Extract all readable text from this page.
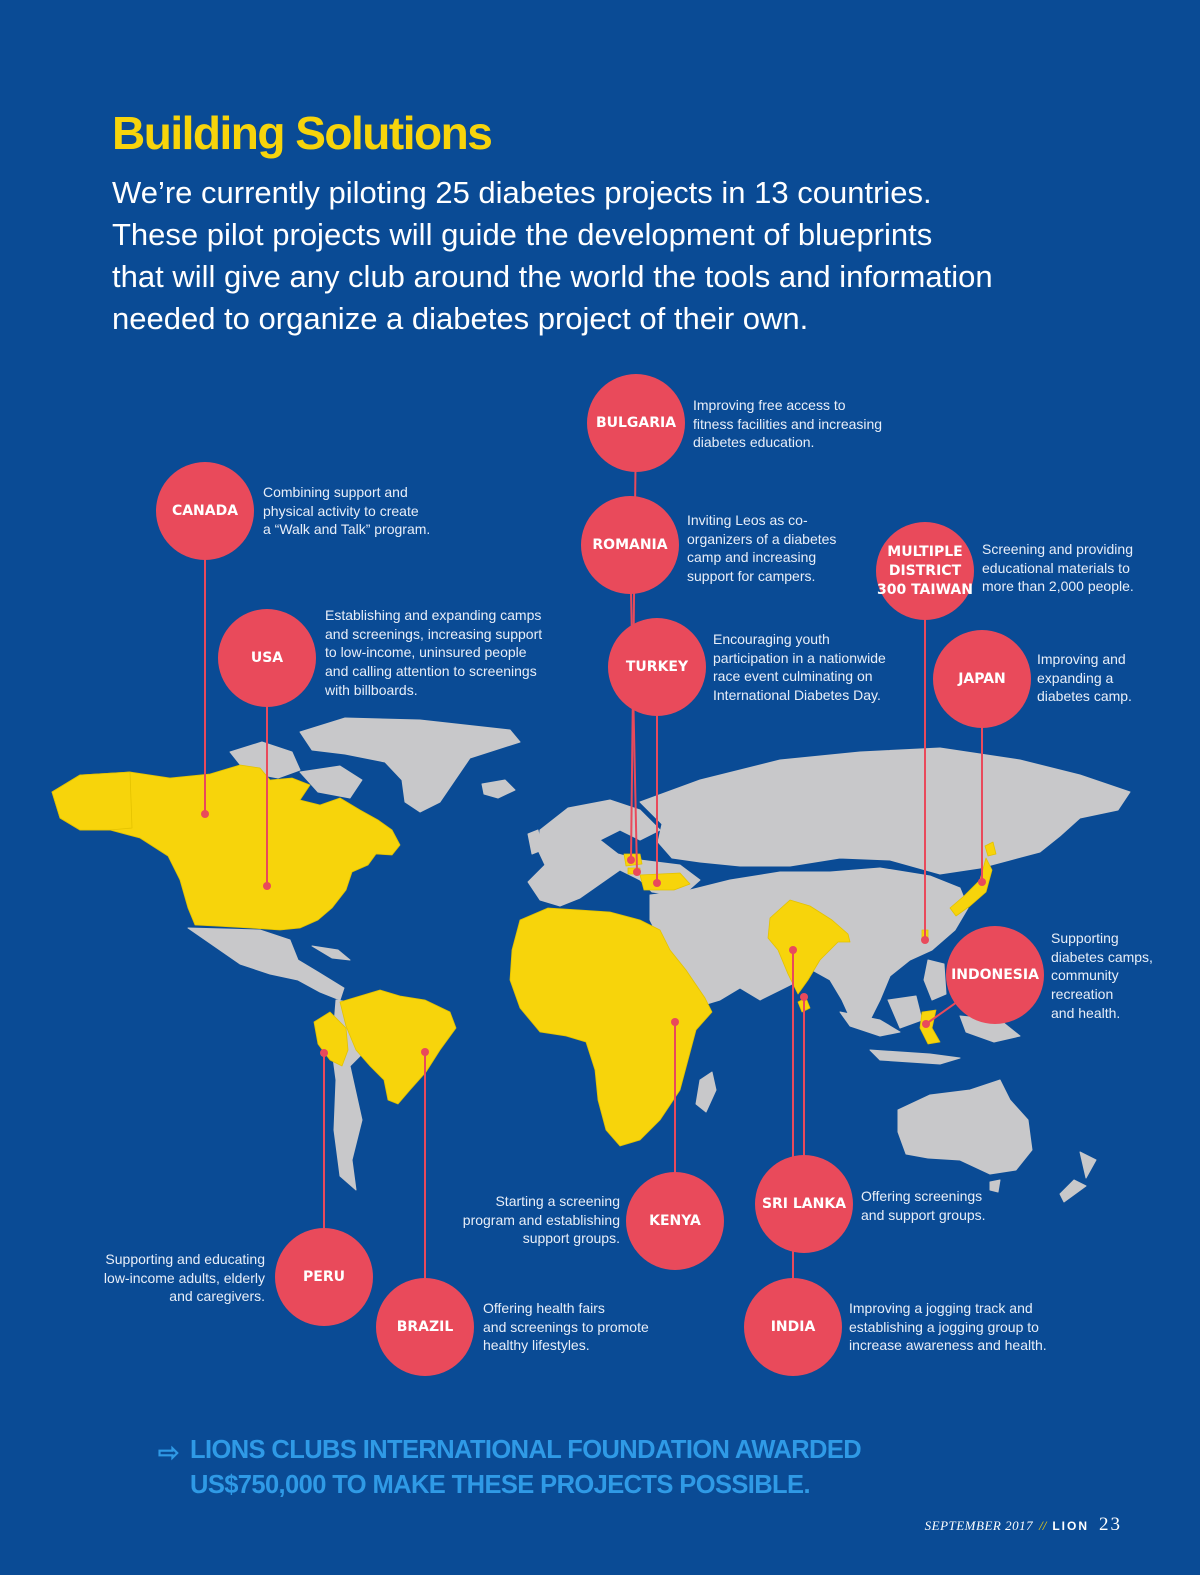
Building Solutions

We’re currently piloting 25 diabetes projects in 13 countries.
These pilot projects will guide the development of blueprints
that will give any club around the world the tools and information
needed to organize a diabetes project of their own.

CANADA
Combining support and
physical activity to create
a “Walk and Talk” program.
USA
Establishing and expanding camps
and screenings, increasing support
to low-income, uninsured people
and calling attention to screenings
with billboards.
BULGARIA
Improving free access to
fitness facilities and increasing
diabetes education.
ROMANIA
Inviting Leos as co-
organizers of a diabetes
camp and increasing
support for campers.
TURKEY
Encouraging youth
participation in a nationwide
race event culminating on
International Diabetes Day.
MULTIPLE
DISTRICT
300 TAIWAN
Screening and providing
educational materials to
more than 2,000 people.
JAPAN
Improving and
expanding a
diabetes camp.
INDONESIA
Supporting
diabetes camps,
community
recreation
and health.
KENYA
Starting a screening
program and establishing
support groups.
SRI LANKA Offering screenings
and support groups.
PERU
Supporting and educating
low-income adults, elderly
and caregivers.
BRAZIL
Offering health fairs
and screenings to promote
healthy lifestyles.
INDIA
Improving a jogging track and
establishing a jogging group to
increase awareness and health.
⇨ LIONS CLUBS INTERNATIONAL FOUNDATION AWARDED
US$750,000 TO MAKE THESE PROJECTS POSSIBLE.
SEPTEMBER 2017 // LION 23
